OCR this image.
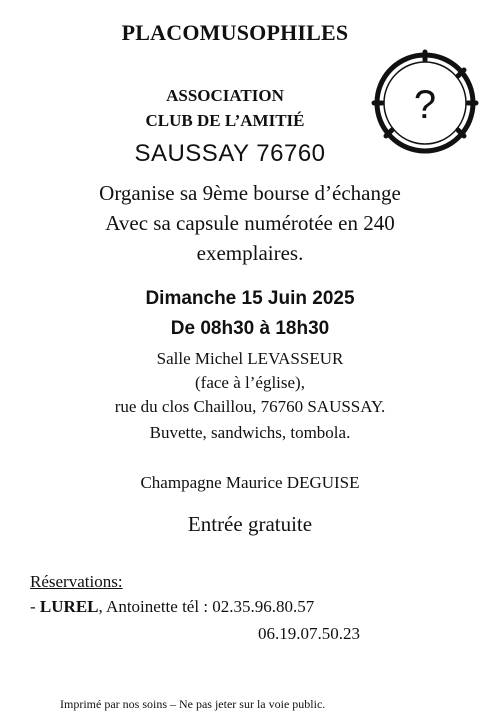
PLACOMUSOPHILES
?
ASSOCIATION
CLUB DE L’AMITIÉ
SAUSSAY 76760
Organise sa 9ème bourse d’échange
Avec sa capsule numérotée en 240
exemplaires.
Dimanche 15 Juin 2025
De 08h30 à 18h30
Salle Michel LEVASSEUR
(face à l’église),
rue du clos Chaillou, 76760 SAUSSAY.
Buvette, sandwichs, tombola.
Champagne Maurice DEGUISE
Entrée gratuite
Réservations:
- LUREL, Antoinette tél : 02.35.96.80.57
06.19.07.50.23
Imprimé par nos soins – Ne pas jeter sur la voie public.
